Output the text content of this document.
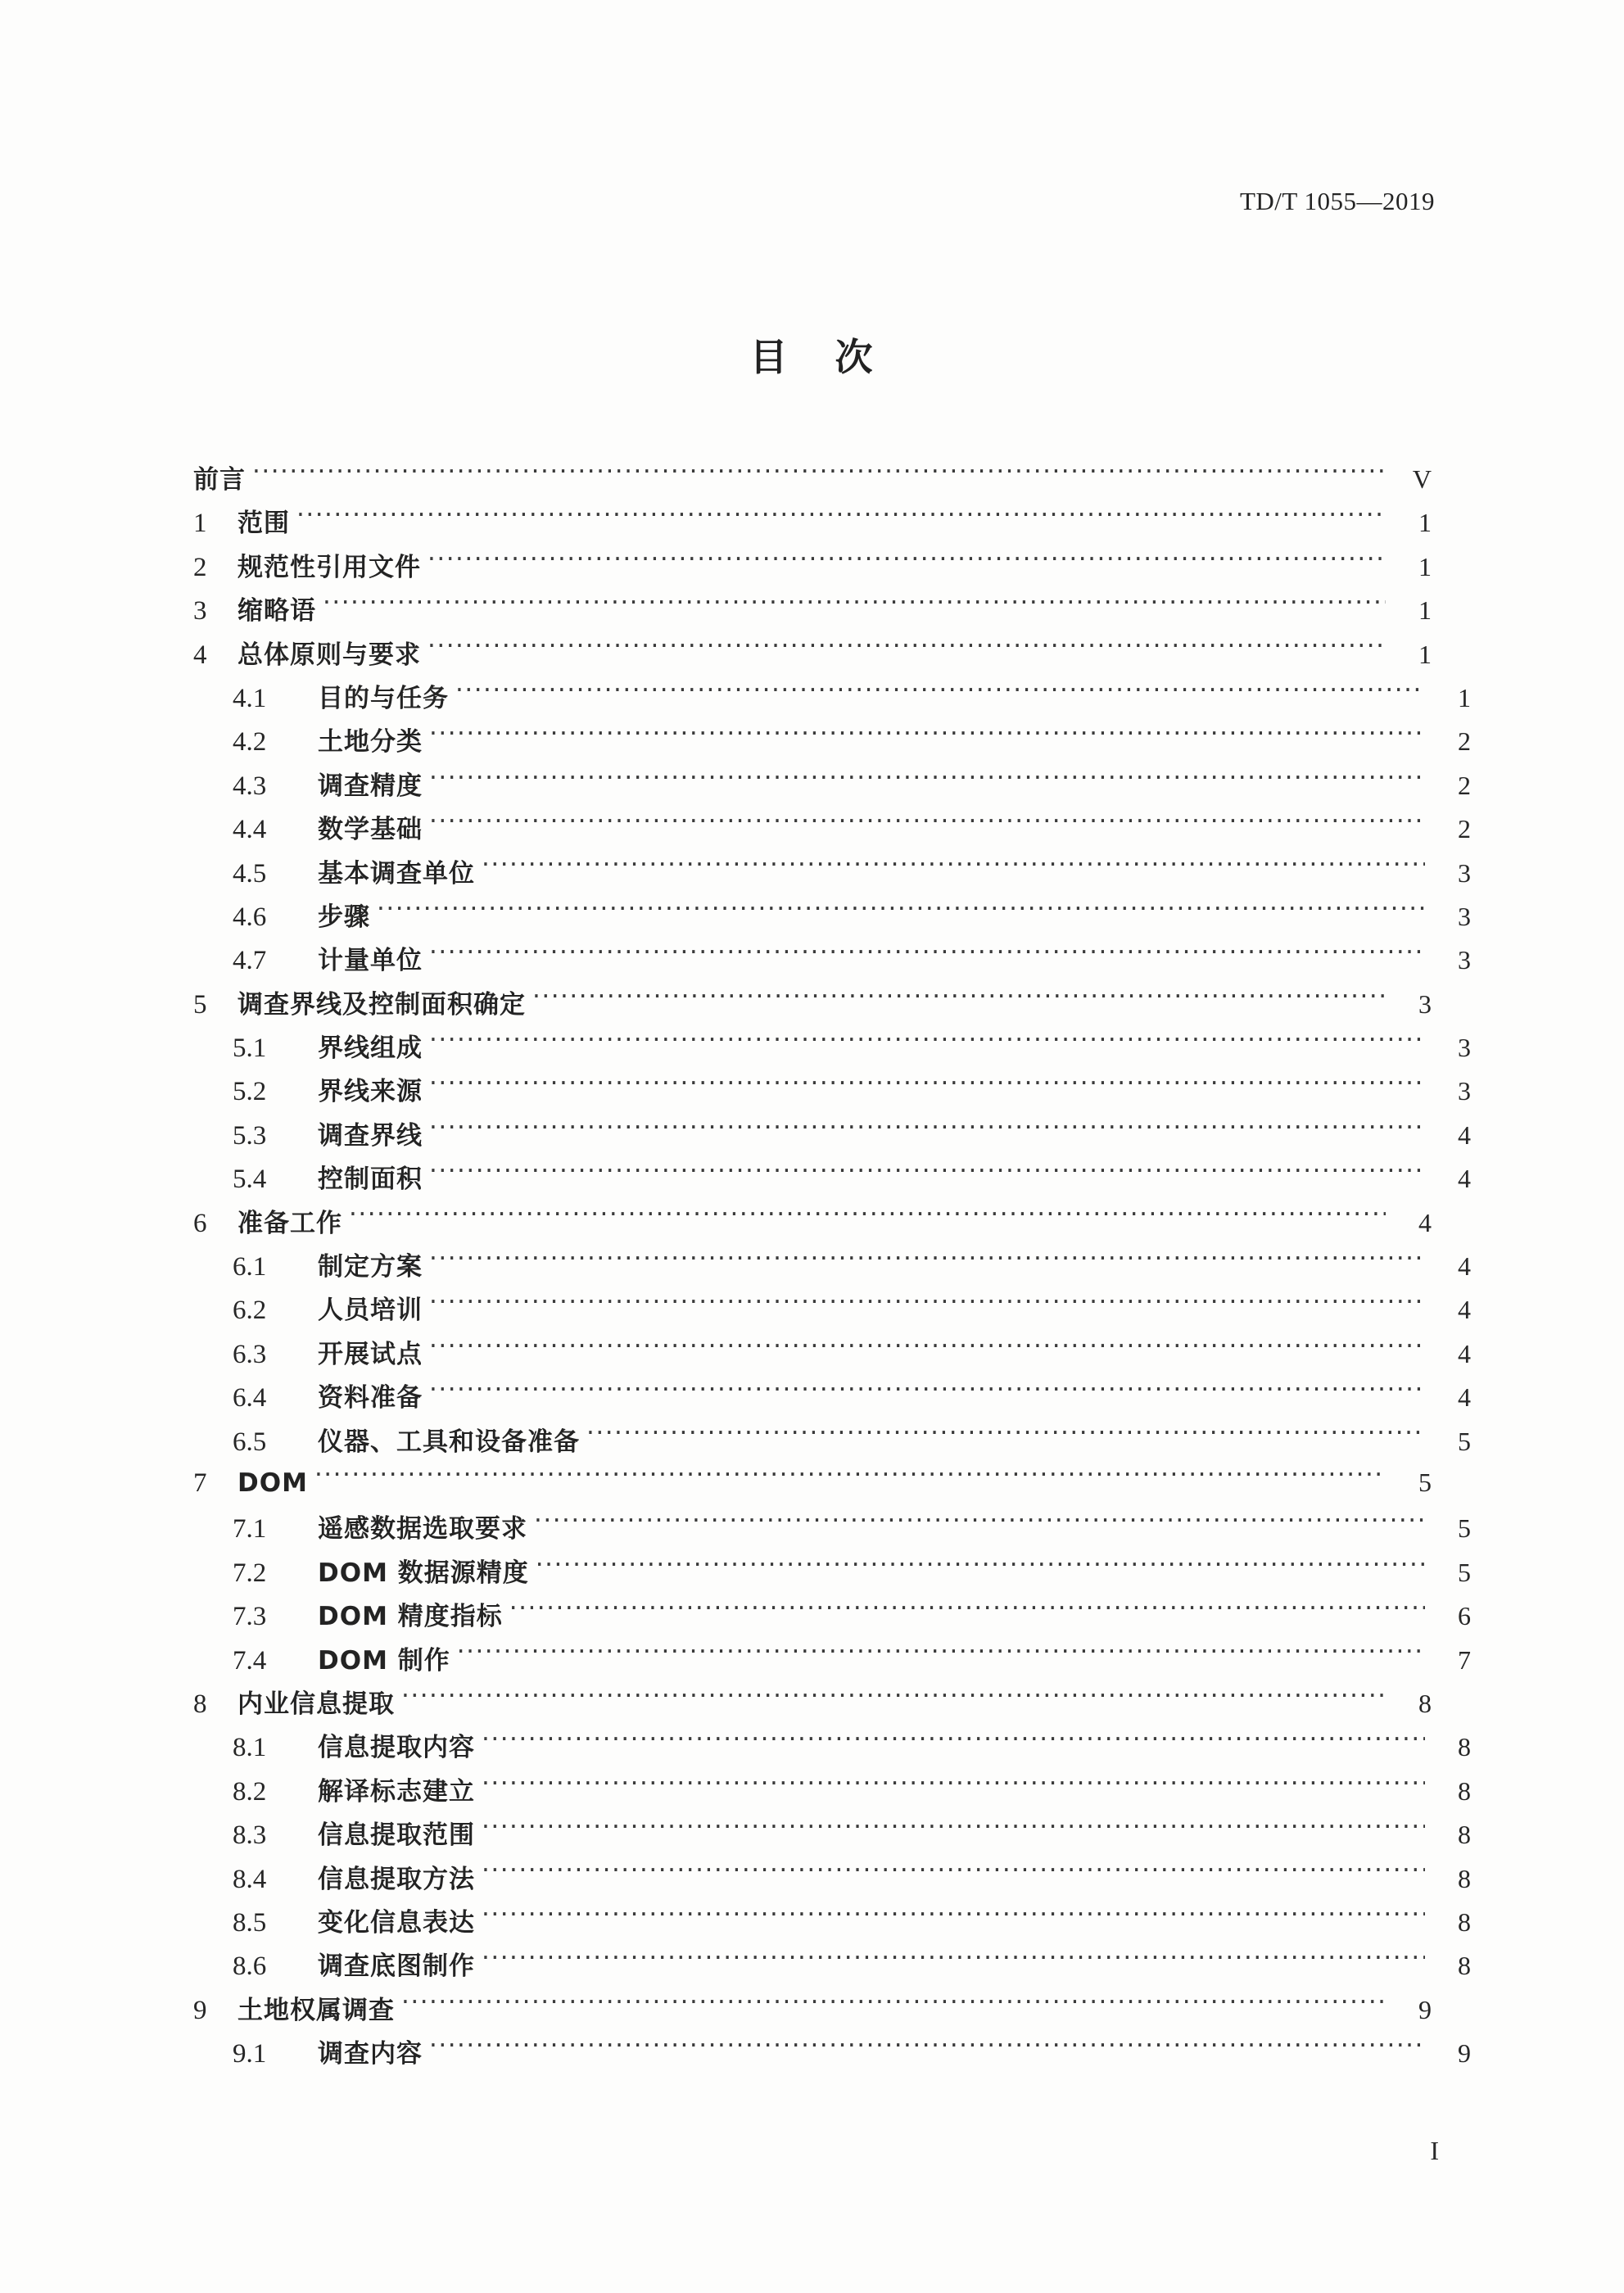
TD/T 1055—2019
目 次
前言 ·····	V
1	范围 ·····	1
2	规范性引用文件 ·····	1
3	缩略语 ·····	1
4	总体原则与要求 ·····	1
4.1	目的与任务 ·····	1
4.2	土地分类 ·····	2
4.3	调查精度 ·····	2
4.4	数学基础 ·····	2
4.5	基本调查单位 ·····	3
4.6	步骤 ·····	3
4.7	计量单位 ·····	3
5	调查界线及控制面积确定 ·····	3
5.1	界线组成 ·····	3
5.2	界线来源 ·····	3
5.3	调查界线 ·····	4
5.4	控制面积 ·····	4
6	准备工作 ·····	4
6.1	制定方案 ·····	4
6.2	人员培训 ·····	4
6.3	开展试点 ·····	4
6.4	资料准备 ·····	4
6.5	仪器、工具和设备准备 ·····	5
7	DOM ·····	5
7.1	遥感数据选取要求 ·····	5
7.2	DOM 数据源精度 ·····	5
7.3	DOM 精度指标 ·····	6
7.4	DOM 制作 ·····	7
8	内业信息提取 ·····	8
8.1	信息提取内容 ·····	8
8.2	解译标志建立 ·····	8
8.3	信息提取范围 ·····	8
8.4	信息提取方法 ·····	8
8.5	变化信息表达 ·····	8
8.6	调查底图制作 ·····	8
9	土地权属调查 ·····	9
9.1	调查内容 ·····	9
I
